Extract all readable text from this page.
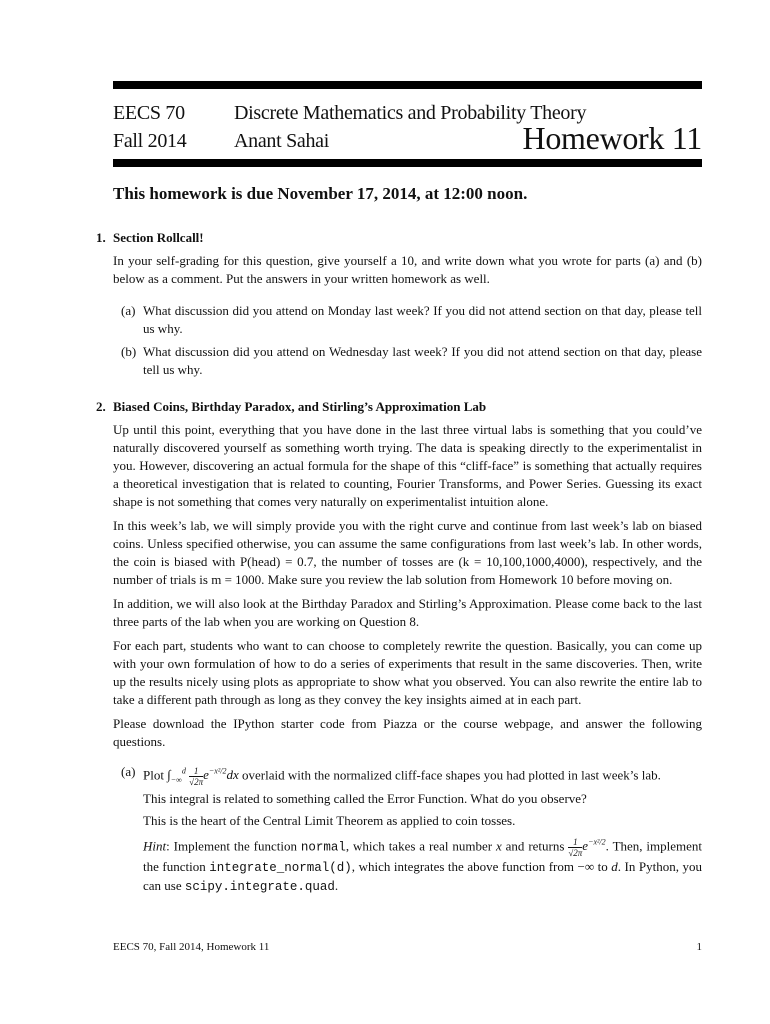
EECS 70
Fall 2014
Discrete Mathematics and Probability Theory
Anant Sahai	Homework 11
This homework is due November 17, 2014, at 12:00 noon.
1. Section Rollcall!

In your self-grading for this question, give yourself a 10, and write down what you wrote for parts (a) and (b) below as a comment. Put the answers in your written homework as well.

(a) What discussion did you attend on Monday last week? If you did not attend section on that day, please tell us why.
(b) What discussion did you attend on Wednesday last week? If you did not attend section on that day, please tell us why.
2. Biased Coins, Birthday Paradox, and Stirling’s Approximation Lab

Up until this point, everything that you have done in the last three virtual labs is something that you could’ve naturally discovered yourself as something worth trying. The data is speaking directly to the experimentalist in you. However, discovering an actual formula for the shape of this “cliff-face” is something that actually requires a theoretical investigation that is related to counting, Fourier Transforms, and Power Series. Guessing its exact shape is not something that comes very naturally on experimentalist intuition alone.

In this week’s lab, we will simply provide you with the right curve and continue from last week’s lab on biased coins. Unless specified otherwise, you can assume the same configurations from last week’s lab. In other words, the coin is biased with P(head) = 0.7, the number of tosses are (k = 10,100,1000,4000), respectively, and the number of trials is m = 1000. Make sure you review the lab solution from Homework 10 before moving on.

In addition, we will also look at the Birthday Paradox and Stirling’s Approximation. Please come back to the last three parts of the lab when you are working on Question 8.

For each part, students who want to can choose to completely rewrite the question. Basically, you can come up with your own formulation of how to do a series of experiments that result in the same discoveries. Then, write up the results nicely using plots as appropriate to show what you observed. You can also rewrite the entire lab to take a different path through as long as they convey the key insights aimed at in each part.

Please download the IPython starter code from Piazza or the course webpage, and answer the following questions.

(a) Plot $\int_{-\infty}^d \frac{1}{√2\pi} e^{-x^2/2}dx$ overlaid with the normalized cliff-face shapes you had plotted in last week’s lab.
This integral is related to something called the Error Function. What do you observe?
This is the heart of the Central Limit Theorem as applied to coin tosses.
Hint: Implement the function normal, which takes a real number x and returns $\frac{1}{√2\pi} e^{-x^2/2}$. Then, implement the function integrate_normal(d), which integrates the above function from −∞ to d. In Python, you can use scipy.integrate.quad.
EECS 70, Fall 2014, Homework 11	1
